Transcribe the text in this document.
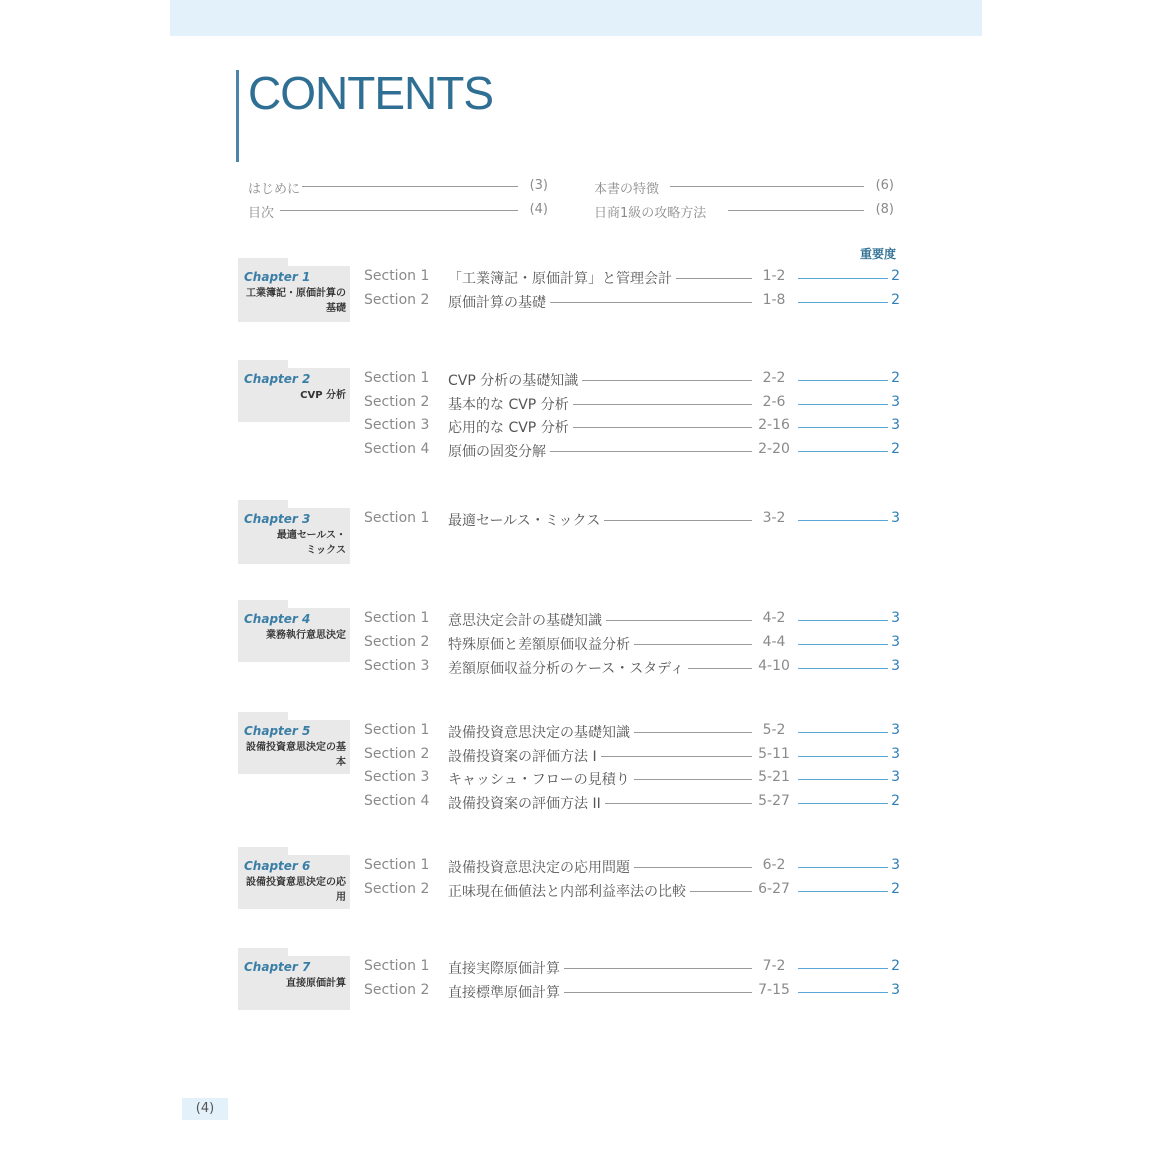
CONTENTS
はじめに	(3)
目次	(4)
本書の特徴	(6)
日商1級の攻略方法	(8)
重要度
Chapter 1
工業簿記・原価計算の基礎
Section 1 「工業簿記・原価計算」と管理会計	1-2	2
Section 2 原価計算の基礎	1-8	2
Chapter 2
CVP 分析
Section 1 CVP 分析の基礎知識	2-2	2
Section 2 基本的な CVP 分析	2-6	3
Section 3 応用的な CVP 分析	2-16	3
Section 4 原価の固変分解	2-20	2
Chapter 3
最適セールス・ミックス
Section 1 最適セールス・ミックス	3-2	3
Chapter 4
業務執行意思決定
Section 1 意思決定会計の基礎知識	4-2	3
Section 2 特殊原価と差額原価収益分析	4-4	3
Section 3 差額原価収益分析のケース・スタディ	4-10	3
Chapter 5
設備投資意思決定の基本
Section 1 設備投資意思決定の基礎知識	5-2	3
Section 2 設備投資案の評価方法 I	5-11	3
Section 3 キャッシュ・フローの見積り	5-21	3
Section 4 設備投資案の評価方法 II	5-27	2
Chapter 6
設備投資意思決定の応用
Section 1 設備投資意思決定の応用問題	6-2	3
Section 2 正味現在価値法と内部利益率法の比較	6-27	2
Chapter 7
直接原価計算
Section 1 直接実際原価計算	7-2	2
Section 2 直接標準原価計算	7-15	3
(4)
